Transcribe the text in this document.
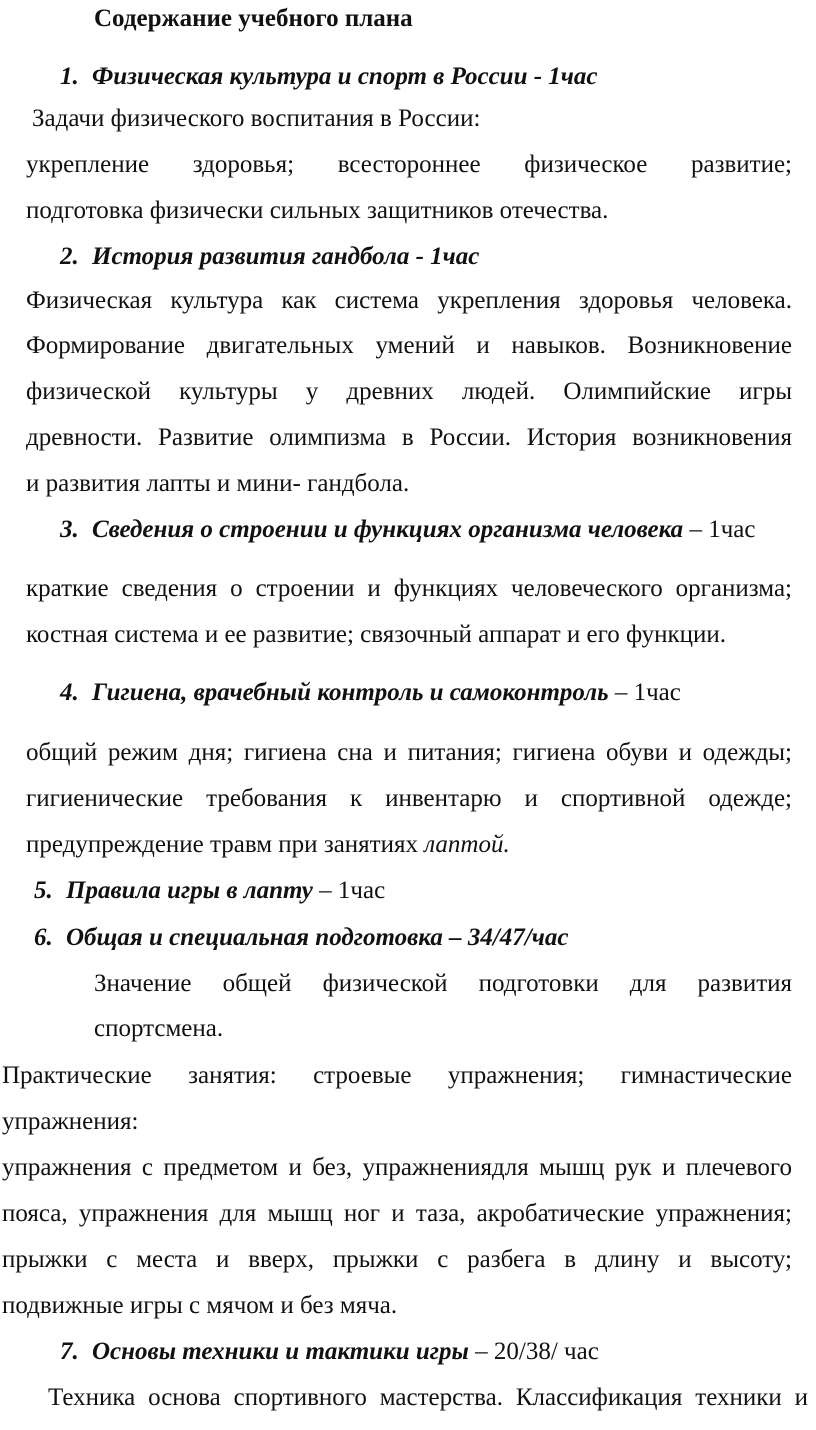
Содержание учебного плана
1. Физическая культура и спорт в России - 1час
Задачи физического воспитания в России:
укрепление здоровья; всестороннее физическое развитие;
подготовка физически сильных защитников отечества.
2. История развития гандбола - 1час
Физическая культура как система укрепления здоровья человека.
Формирование двигательных умений и навыков. Возникновение
физической культуры у древних людей. Олимпийские игры
древности. Развитие олимпизма в России. История возникновения
и развития лапты и мини- гандбола.
3. Сведения о строении и функциях организма человека – 1час
краткие сведения о строении и функциях человеческого организма;
костная система и ее развитие; связочный аппарат и его функции.
4. Гигиена, врачебный контроль и самоконтроль – 1час
общий режим дня; гигиена сна и питания; гигиена обуви и одежды;
гигиенические требования к инвентарю и спортивной одежде;
предупреждение травм при занятиях лаптой.
5. Правила игры в лапту – 1час
6. Общая и специальная подготовка – 34/47/час
Значение общей физической подготовки для развития
спортсмена.
Практические занятия: строевые упражнения; гимнастические
упражнения:
упражнения с предметом и без, упражнениядля мышц рук и плечевого
пояса, упражнения для мышц ног и таза, акробатические упражнения;
прыжки с места и вверх, прыжки с разбега в длину и высоту;
подвижные игры с мячом и без мяча.
7. Основы техники и тактики игры – 20/38/ час
Техника основа спортивного мастерства. Классификация техники и
